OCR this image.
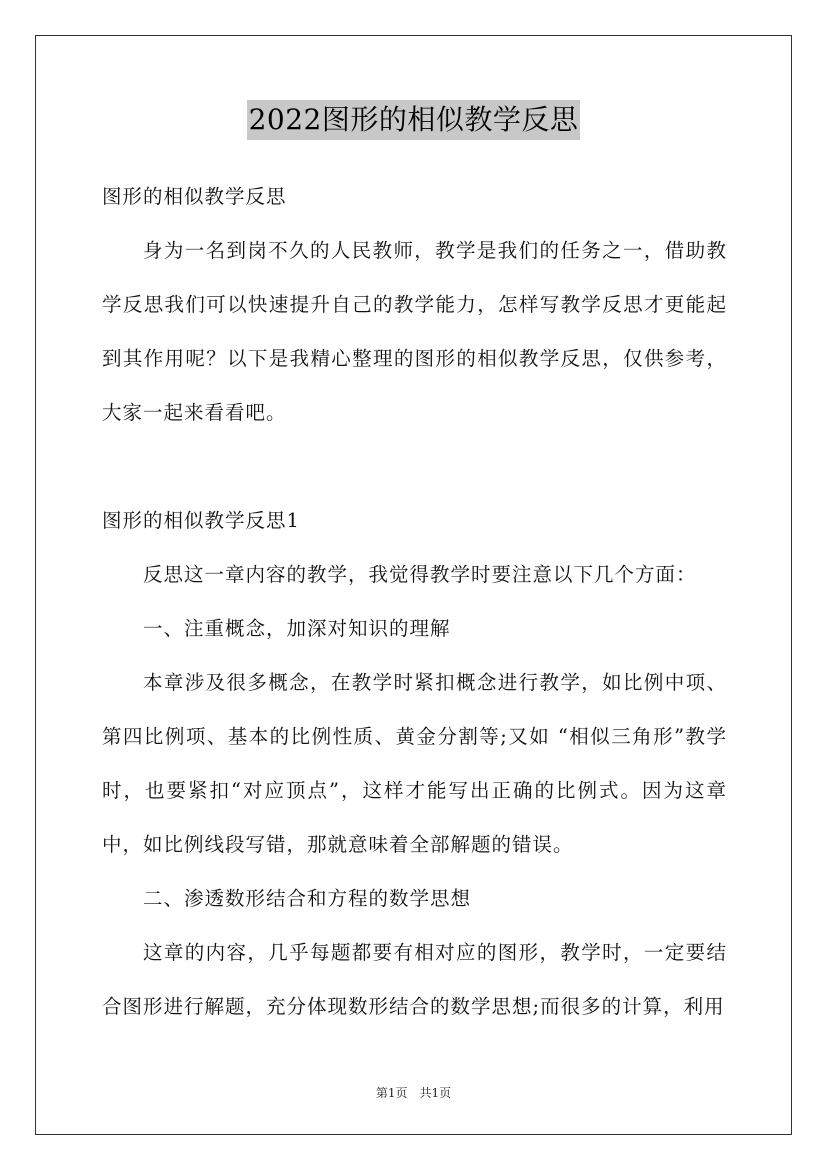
2022图形的相似教学反思

图形的相似教学反思

身为一名到岗不久的人民教师，教学是我们的任务之一，借助教学反思我们可以快速提升自己的教学能力，怎样写教学反思才更能起到其作用呢？以下是我精心整理的图形的相似教学反思，仅供参考，大家一起来看看吧。

图形的相似教学反思1

反思这一章内容的教学，我觉得教学时要注意以下几个方面：

一、注重概念，加深对知识的理解

本章涉及很多概念，在教学时紧扣概念进行教学，如比例中项、第四比例项、基本的比例性质、黄金分割等;又如 “相似三角形”教学时，也要紧扣“对应顶点”，这样才能写出正确的比例式。因为这章中，如比例线段写错，那就意味着全部解题的错误。

二、渗透数形结合和方程的数学思想

这章的内容，几乎每题都要有相对应的图形，教学时，一定要结合图形进行解题，充分体现数形结合的数学思想;而很多的计算，利用

第1页 共1页
